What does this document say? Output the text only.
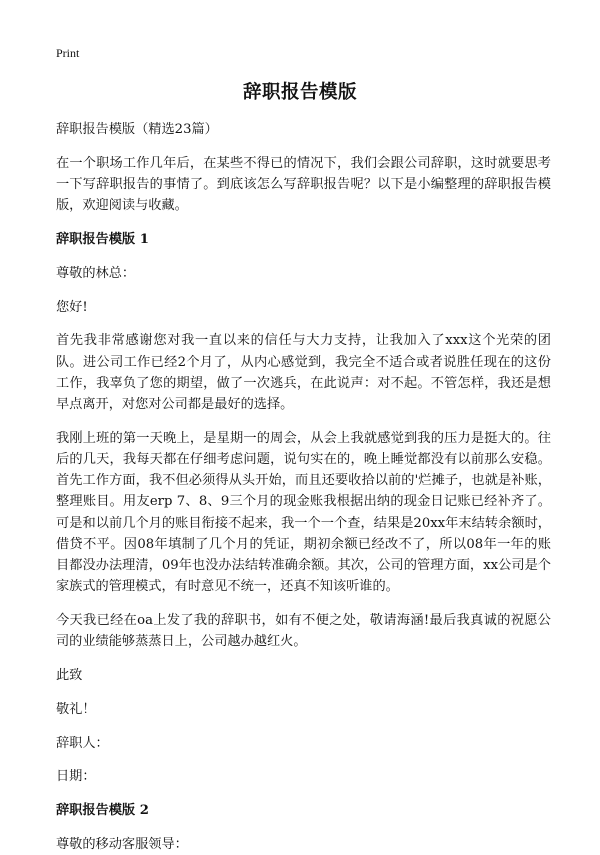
Print
辞职报告模版

辞职报告模版（精选23篇）

在一个职场工作几年后，在某些不得已的情况下，我们会跟公司辞职，这时就要思考一下写辞职报告的事情了。到底该怎么写辞职报告呢？以下是小编整理的辞职报告模版，欢迎阅读与收藏。

辞职报告模版 1

尊敬的林总：

您好!

首先我非常感谢您对我一直以来的信任与大力支持，让我加入了xxx这个光荣的团队。进公司工作已经2个月了，从内心感觉到，我完全不适合或者说胜任现在的这份工作，我辜负了您的期望，做了一次逃兵，在此说声：对不起。不管怎样，我还是想早点离开，对您对公司都是最好的选择。

我刚上班的第一天晚上，是星期一的周会，从会上我就感觉到我的压力是挺大的。往后的几天，我每天都在仔细考虑问题，说句实在的，晚上睡觉都没有以前那么安稳。首先工作方面，我不但必须得从头开始，而且还要收拾以前的'烂摊子，也就是补账，整理账目。用友erp 7、8、9三个月的现金账我根据出纳的现金日记账已经补齐了。可是和以前几个月的账目衔接不起来，我一个一个查，结果是20xx年末结转余额时，借贷不平。因08年填制了几个月的凭证，期初余额已经改不了，所以08年一年的账目都没办法理清，09年也没办法结转准确余额。其次，公司的管理方面，xx公司是个家族式的管理模式，有时意见不统一，还真不知该听谁的。

今天我已经在oa上发了我的辞职书，如有不便之处，敬请海涵!最后我真诚的祝愿公司的业绩能够蒸蒸日上，公司越办越红火。

此致

敬礼！

辞职人：

日期：

辞职报告模版 2

尊敬的移动客服领导：
